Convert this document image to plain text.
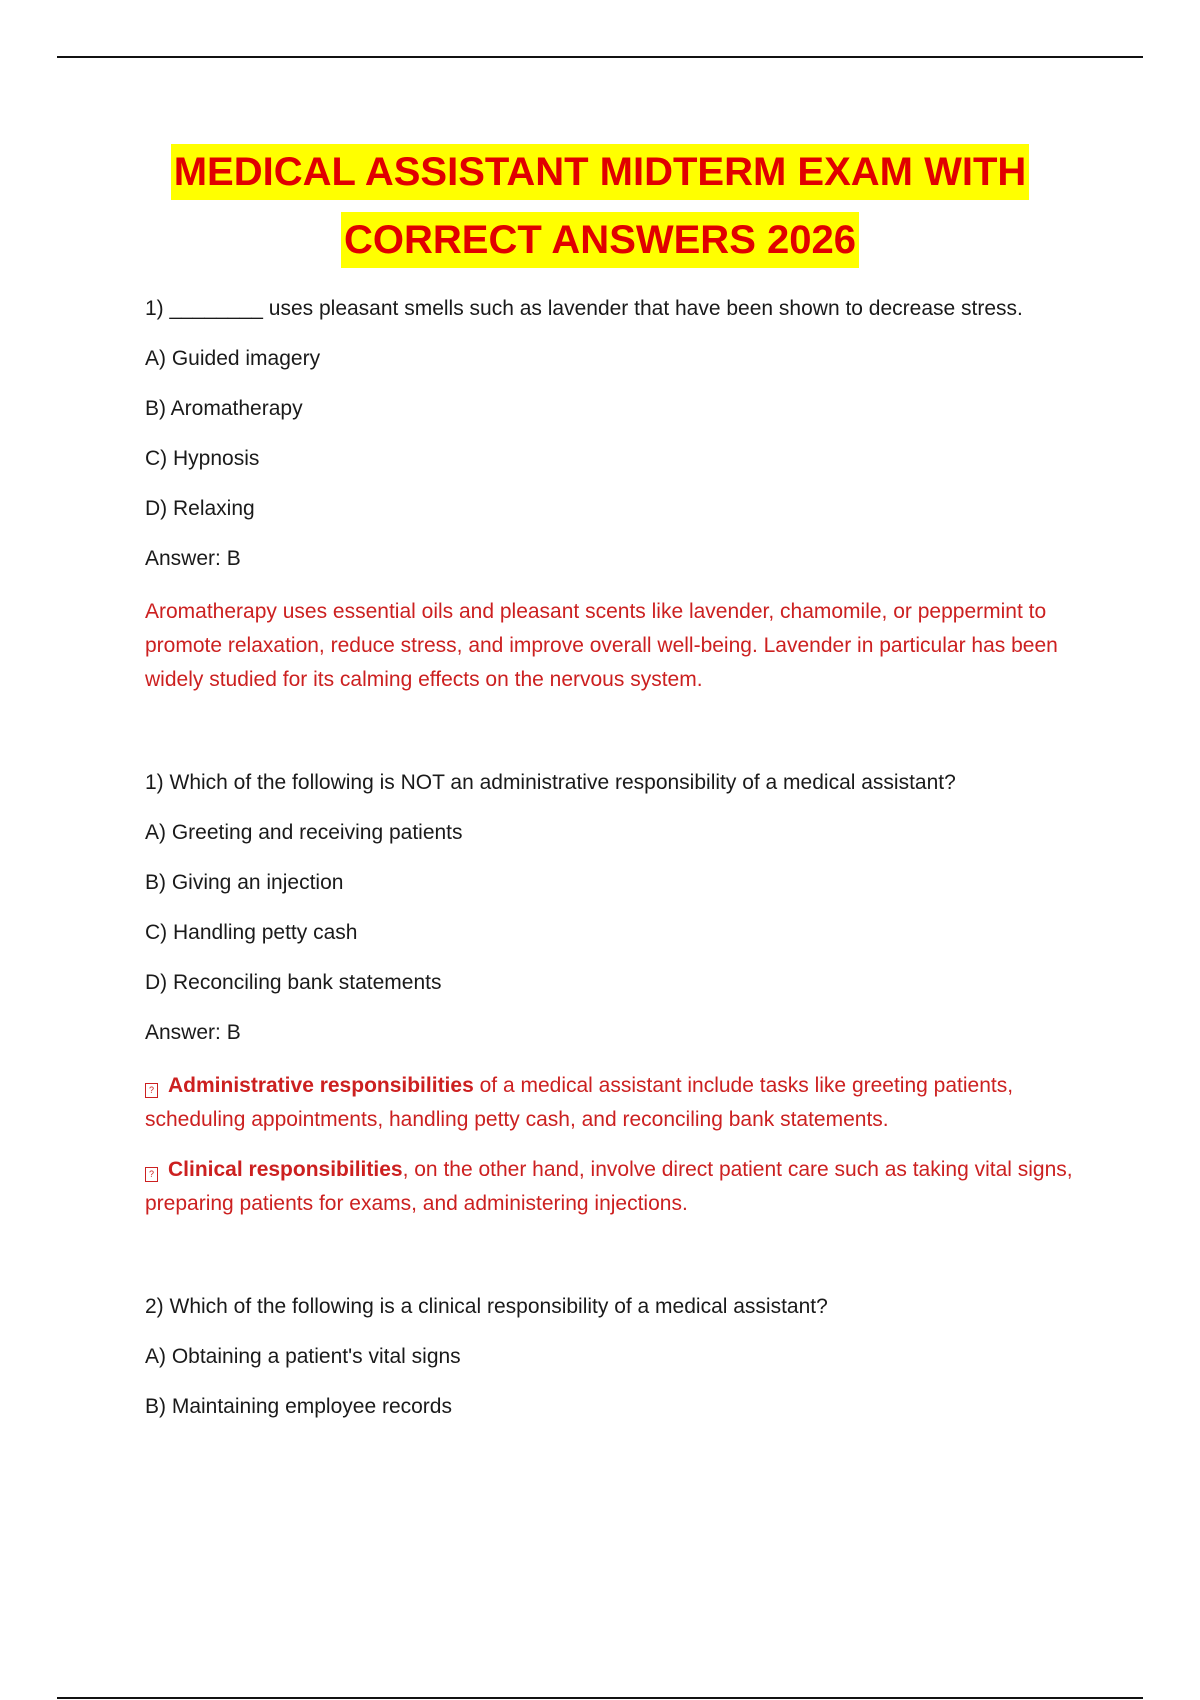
MEDICAL ASSISTANT MIDTERM EXAM WITH
CORRECT ANSWERS 2026

1) ________ uses pleasant smells such as lavender that have been shown to decrease stress.

A) Guided imagery

B) Aromatherapy

C) Hypnosis

D) Relaxing

Answer: B

Aromatherapy uses essential oils and pleasant scents like lavender, chamomile, or peppermint to promote relaxation, reduce stress, and improve overall well-being. Lavender in particular has been widely studied for its calming effects on the nervous system.

1) Which of the following is NOT an administrative responsibility of a medical assistant?

A) Greeting and receiving patients

B) Giving an injection

C) Handling petty cash

D) Reconciling bank statements

Answer: B

? Administrative responsibilities of a medical assistant include tasks like greeting patients, scheduling appointments, handling petty cash, and reconciling bank statements.

? Clinical responsibilities, on the other hand, involve direct patient care such as taking vital signs, preparing patients for exams, and administering injections.

2) Which of the following is a clinical responsibility of a medical assistant?

A) Obtaining a patient's vital signs

B) Maintaining employee records
